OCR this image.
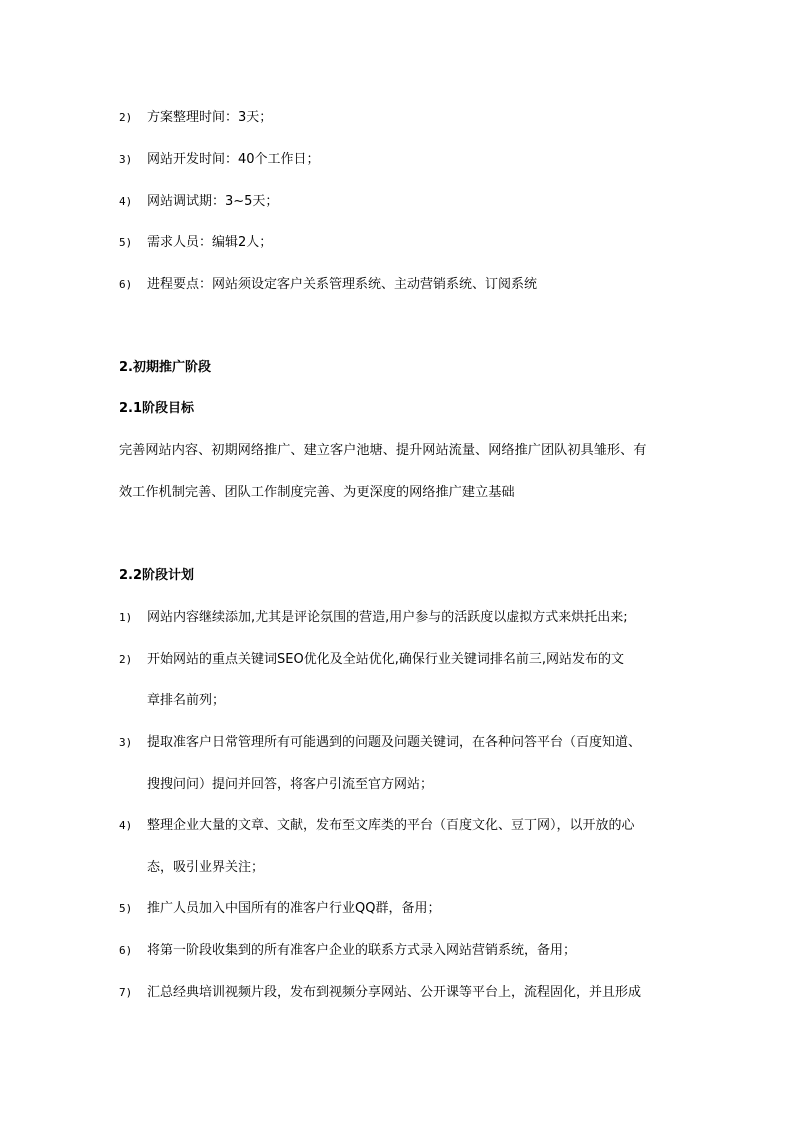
2)	方案整理时间：3天；
3)	网站开发时间：40个工作日；
4)	网站调试期：3~5天；
5)	需求人员：编辑2人；
6)	进程要点：网站须设定客户关系管理系统、主动营销系统、订阅系统
2.初期推广阶段
2.1阶段目标
完善网站内容、初期网络推广、建立客户池塘、提升网站流量、网络推广团队初具雏形、有
效工作机制完善、团队工作制度完善、为更深度的网络推广建立基础
2.2阶段计划
1)	网站内容继续添加,尤其是评论氛围的营造,用户参与的活跃度以虚拟方式来烘托出来;
2)	开始网站的重点关键词SEO优化及全站优化,确保行业关键词排名前三,网站发布的文
章排名前列；
3)	提取准客户日常管理所有可能遇到的问题及问题关键词，在各种问答平台（百度知道、
搜搜问问）提问并回答，将客户引流至官方网站；
4)	整理企业大量的文章、文献，发布至文库类的平台（百度文化、豆丁网），以开放的心
态，吸引业界关注；
5)	推广人员加入中国所有的准客户行业QQ群，备用；
6)	将第一阶段收集到的所有准客户企业的联系方式录入网站营销系统，备用；
7)	汇总经典培训视频片段，发布到视频分享网站、公开课等平台上，流程固化，并且形成
